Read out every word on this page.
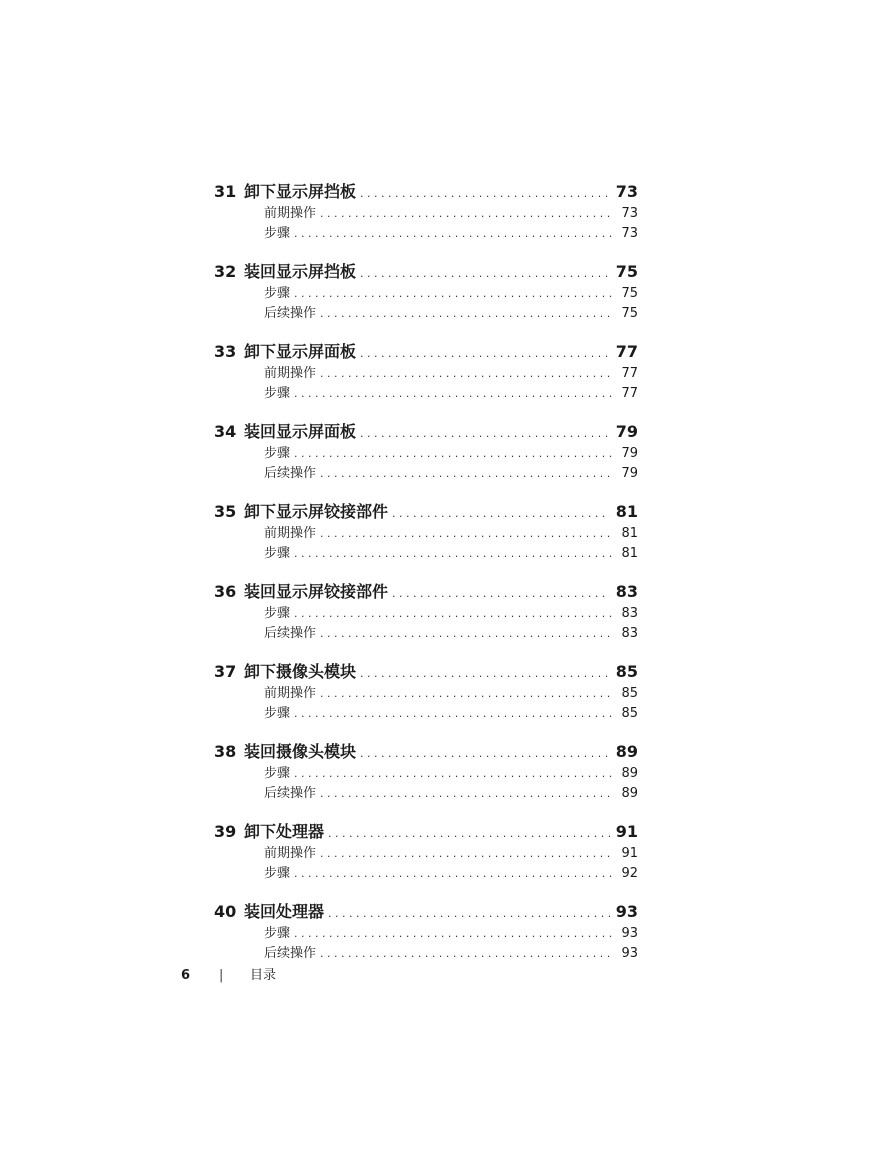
31 卸下显示屏挡板 . . .	73
前期操作 . . .	73
步骤 . . .	73
32 装回显示屏挡板 . . .	75
步骤 . . .	75
后续操作 . . .	75
33 卸下显示屏面板 . . .	77
前期操作 . . .	77
步骤 . . .	77
34 装回显示屏面板 . . .	79
步骤 . . .	79
后续操作 . . .	79
35 卸下显示屏铰接部件 . . .	81
前期操作 . . .	81
步骤 . . .	81
36 装回显示屏铰接部件 . . .	83
步骤 . . .	83
后续操作 . . .	83
37 卸下摄像头模块 . . .	85
前期操作 . . .	85
步骤 . . .	85
38 装回摄像头模块 . . .	89
步骤 . . .	89
后续操作 . . .	89
39 卸下处理器 . . .	91
前期操作 . . .	91
步骤 . . .	92
40 装回处理器 . . .	93
步骤 . . .	93
后续操作 . . .	93
6 | 目录
